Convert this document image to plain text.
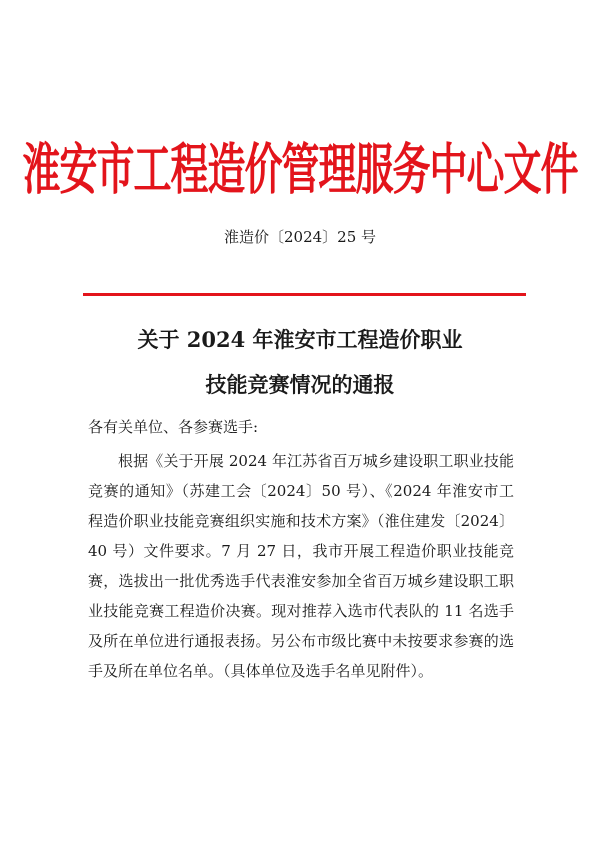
淮安市工程造价管理服务中心文件
淮造价〔2024〕25 号
关于 2024 年淮安市工程造价职业
技能竞赛情况的通报
各有关单位、各参赛选手:

根据《关于开展 2024 年江苏省百万城乡建设职工职业技能竞赛的通知》（苏建工会〔2024〕50 号）、《2024 年淮安市工程造价职业技能竞赛组织实施和技术方案》（淮住建发〔2024〕40 号）文件要求。7 月 27 日，我市开展工程造价职业技能竞赛，选拔出一批优秀选手代表淮安参加全省百万城乡建设职工职业技能竞赛工程造价决赛。现对推荐入选市代表队的 11 名选手及所在单位进行通报表扬。另公布市级比赛中未按要求参赛的选手及所在单位名单。（具体单位及选手名单见附件）。
